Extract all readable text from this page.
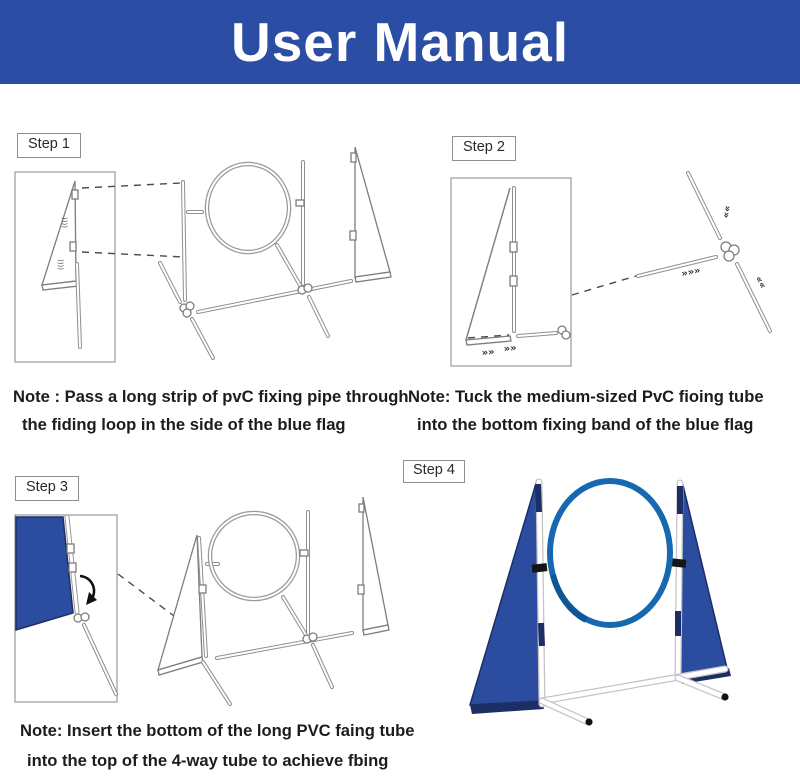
User Manual
Step 1
((((
((((

Note : Pass a long strip of pvC fixing pipe through
the fiding loop in the side of the blue flag

Step 2
»» »»
»»»
»»
««

Note: Tuck the medium-sized PvC fioing tube
into the bottom fixing band of the blue flag

Step 3

Note: Insert the bottom of the long PVC faing tube
into the top of the 4-way tube to achieve fbing

Step 4
